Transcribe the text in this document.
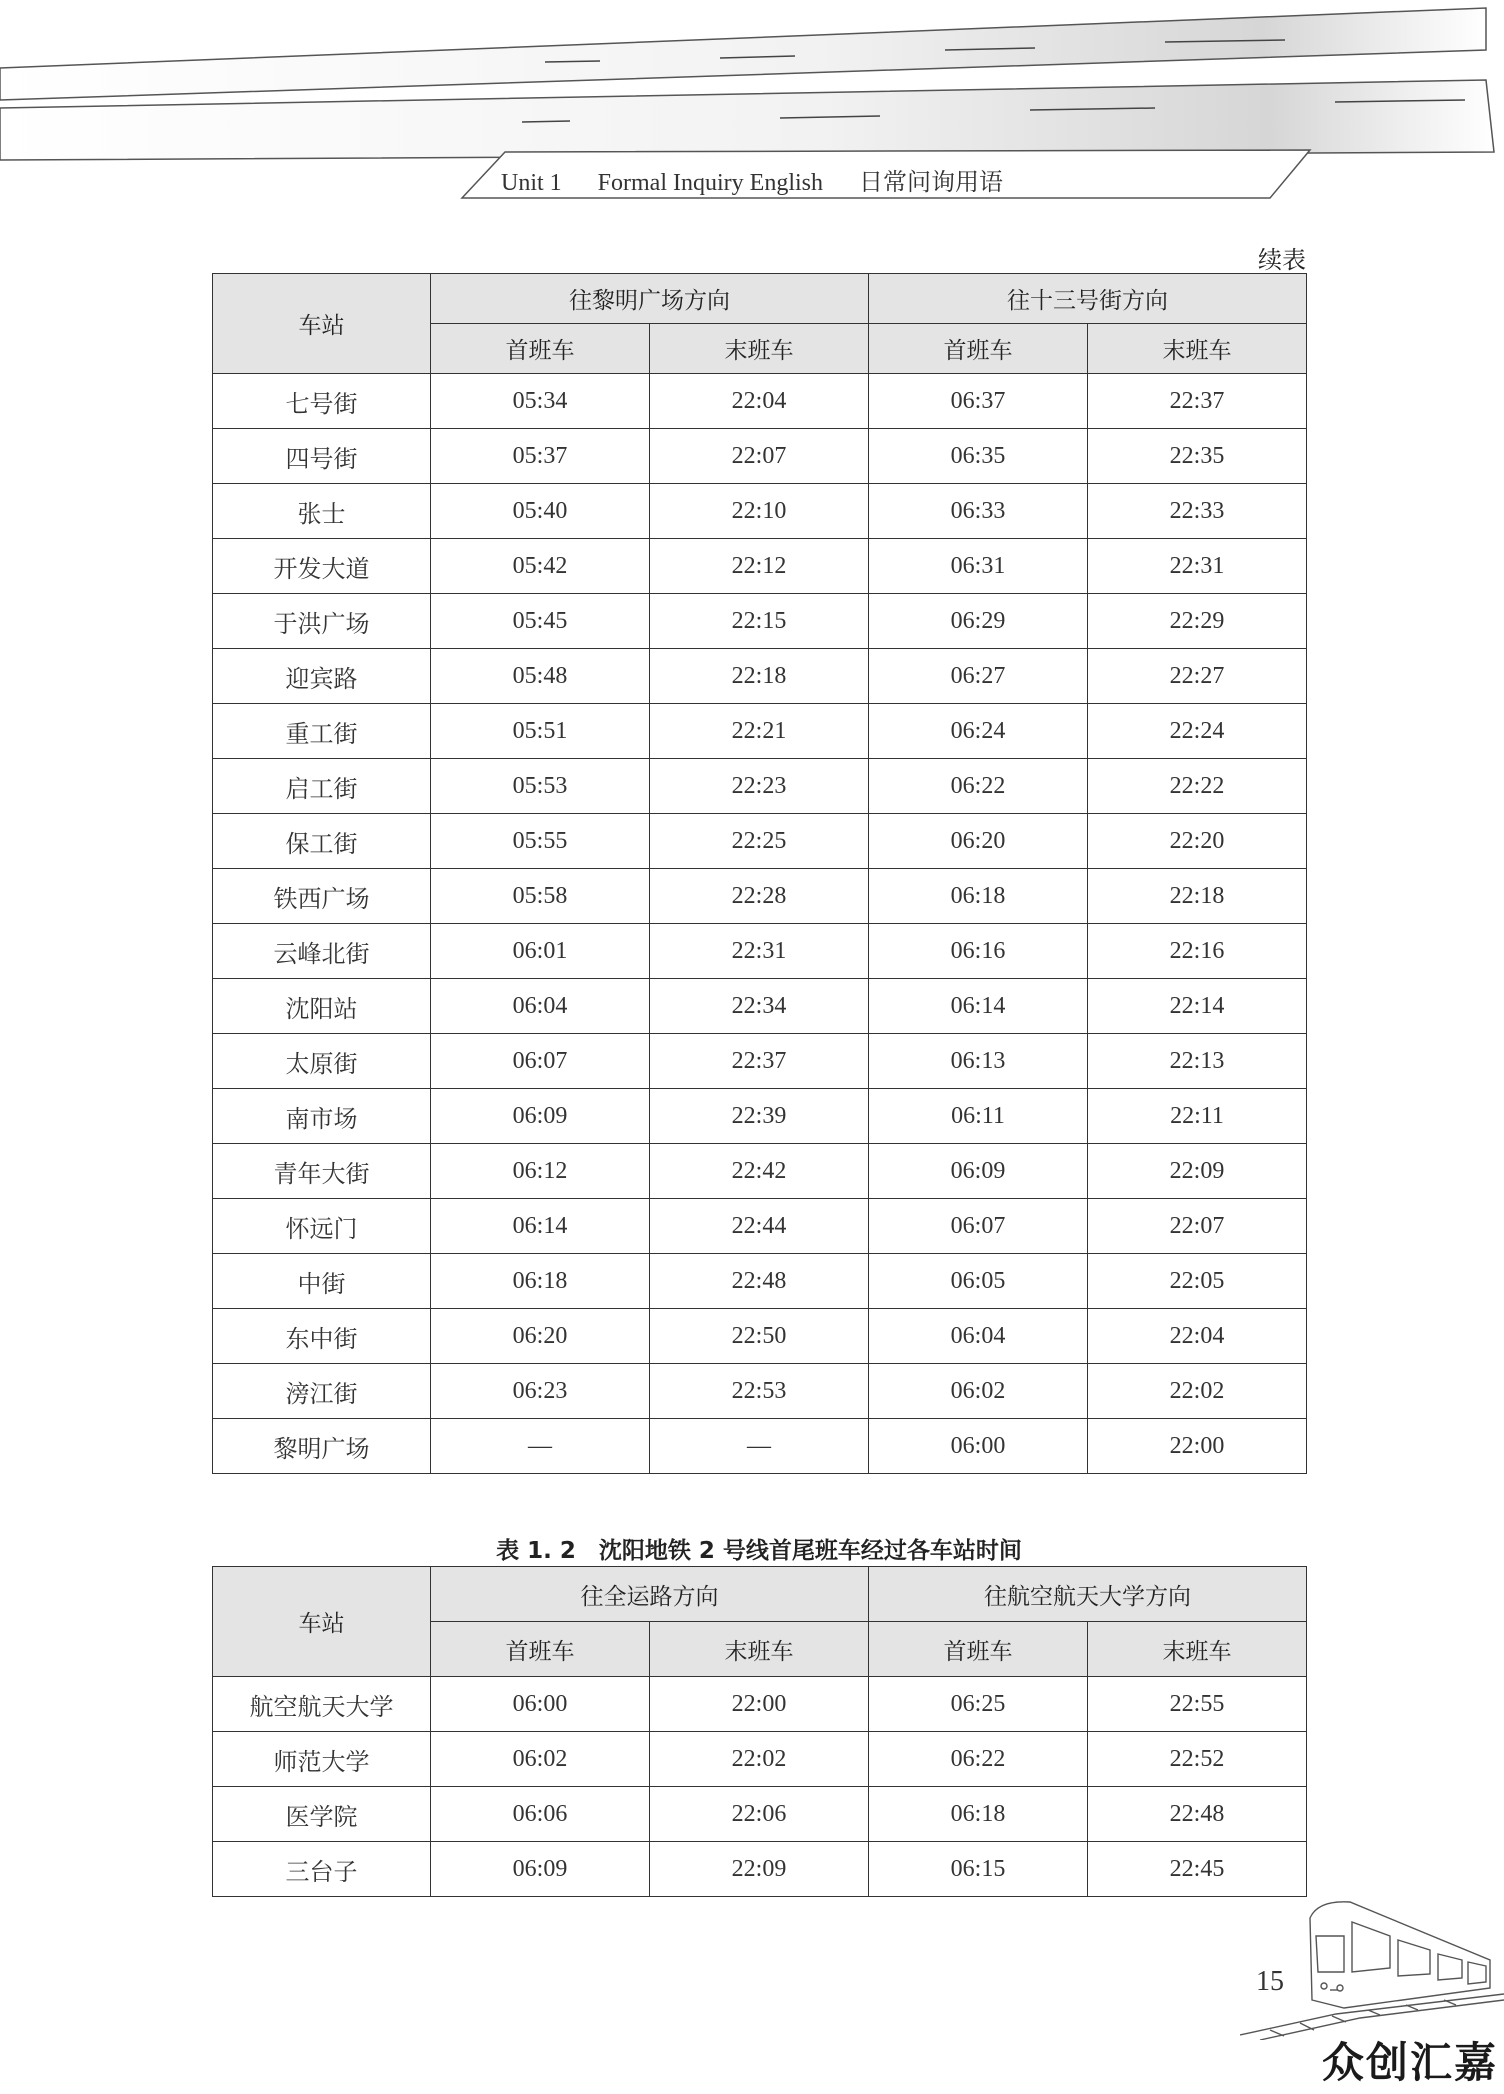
Unit 1 Formal Inquiry English 日常问询用语
续表
车站	往黎明广场方向		往十三号街方向	
	首班车	末班车	首班车	末班车
七号街	05:34	22:04	06:37	22:37
四号街	05:37	22:07	06:35	22:35
张士	05:40	22:10	06:33	22:33
开发大道	05:42	22:12	06:31	22:31
于洪广场	05:45	22:15	06:29	22:29
迎宾路	05:48	22:18	06:27	22:27
重工街	05:51	22:21	06:24	22:24
启工街	05:53	22:23	06:22	22:22
保工街	05:55	22:25	06:20	22:20
铁西广场	05:58	22:28	06:18	22:18
云峰北街	06:01	22:31	06:16	22:16
沈阳站	06:04	22:34	06:14	22:14
太原街	06:07	22:37	06:13	22:13
南市场	06:09	22:39	06:11	22:11
青年大街	06:12	22:42	06:09	22:09
怀远门	06:14	22:44	06:07	22:07
中街	06:18	22:48	06:05	22:05
东中街	06:20	22:50	06:04	22:04
滂江街	06:23	22:53	06:02	22:02
黎明广场	—	—	06:00	22:00
表 1. 2　沈阳地铁 2 号线首尾班车经过各车站时间
车站	往全运路方向		往航空航天大学方向	
	首班车	末班车	首班车	末班车
航空航天大学	06:00	22:00	06:25	22:55
师范大学	06:02	22:02	06:22	22:52
医学院	06:06	22:06	06:18	22:48
三台子	06:09	22:09	06:15	22:45
15
众创汇嘉
